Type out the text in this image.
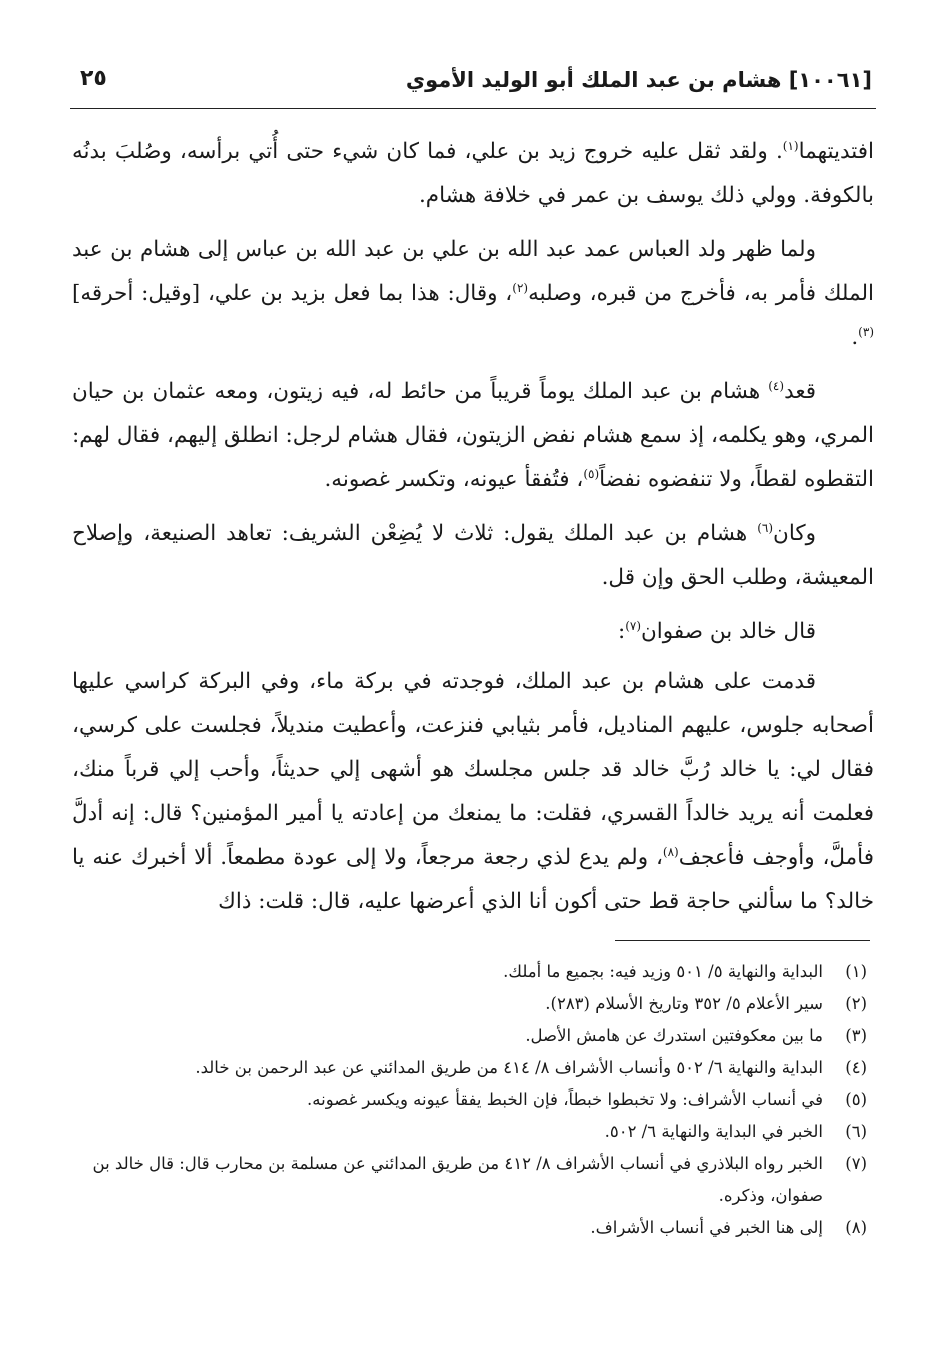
[١٠٠٦١] هشام بن عبد الملك أبو الوليد الأموي
٢٥

افتديتهما$^{(١)}$. ولقد ثقل عليه خروج زيد بن علي، فما كان شيء حتى أُتي برأسه، وصُلبَ بدنُه بالكوفة. وولي ذلك يوسف بن عمر في خلافة هشام.

ولما ظهر ولد العباس عمد عبد الله بن علي بن عبد الله بن عباس إلى هشام بن عبد الملك فأمر به، فأخرج من قبره، وصلبه$^{(٢)}$، وقال: هذا بما فعل بزيد بن علي، [وقيل: أحرقه]$^{(٣)}$.

قعد$^{(٤)}$ هشام بن عبد الملك يوماً قريباً من حائط له، فيه زيتون، ومعه عثمان بن حيان المري، وهو يكلمه، إذ سمع هشام نفض الزيتون، فقال هشام لرجل: انطلق إليهم، فقال لهم: التقطوه لقطاً، ولا تنفضوه نفضاً$^{(٥)}$، فتُفقأ عيونه، وتكسر غصونه.

وكان$^{(٦)}$ هشام بن عبد الملك يقول: ثلاث لا يُضِعْن الشريف: تعاهد الصنيعة، وإصلاح المعيشة، وطلب الحق وإن قل.

قال خالد بن صفوان$^{(٧)}$:

قدمت على هشام بن عبد الملك، فوجدته في بركة ماء، وفي البركة كراسي عليها أصحابه جلوس، عليهم المناديل، فأمر بثيابي فنزعت، وأعطيت منديلاً، فجلست على كرسي، فقال لي: يا خالد رُبَّ خالد قد جلس مجلسك هو أشهى إلي حديثاً، وأحب إلي قرباً منك، فعلمت أنه يريد خالداً القسري، فقلت: ما يمنعك من إعادته يا أمير المؤمنين؟ قال: إنه أدلَّ فأملَّ، وأوجف فأعجف$^{(٨)}$، ولم يدع لذي رجعة مرجعاً، ولا إلى عودة مطمعاً. ألا أخبرك عنه يا خالد؟ ما سألني حاجة قط حتى أكون أنا الذي أعرضها عليه، قال: قلت: ذاك

(١)
البداية والنهاية ٥/ ٥٠١ وزيد فيه: بجميع ما أملك.
(٢)
سير الأعلام ٥/ ٣٥٢ وتاريخ الأسلام (٢٨٣).
(٣)
ما بين معكوفتين استدرك عن هامش الأصل.
(٤)
البداية والنهاية ٦/ ٥٠٢ وأنساب الأشراف ٨/ ٤١٤ من طريق المدائني عن عبد الرحمن بن خالد.
(٥)
في أنساب الأشراف: ولا تخبطوا خبطاً، فإن الخبط يفقأ عيونه ويكسر غصونه.
(٦)
الخبر في البداية والنهاية ٦/ ٥٠٢.
(٧)
الخبر رواه البلاذري في أنساب الأشراف ٨/ ٤١٢ من طريق المدائني عن مسلمة بن محارب قال: قال خالد بن صفوان، وذكره.
(٨)
إلى هنا الخبر في أنساب الأشراف.
